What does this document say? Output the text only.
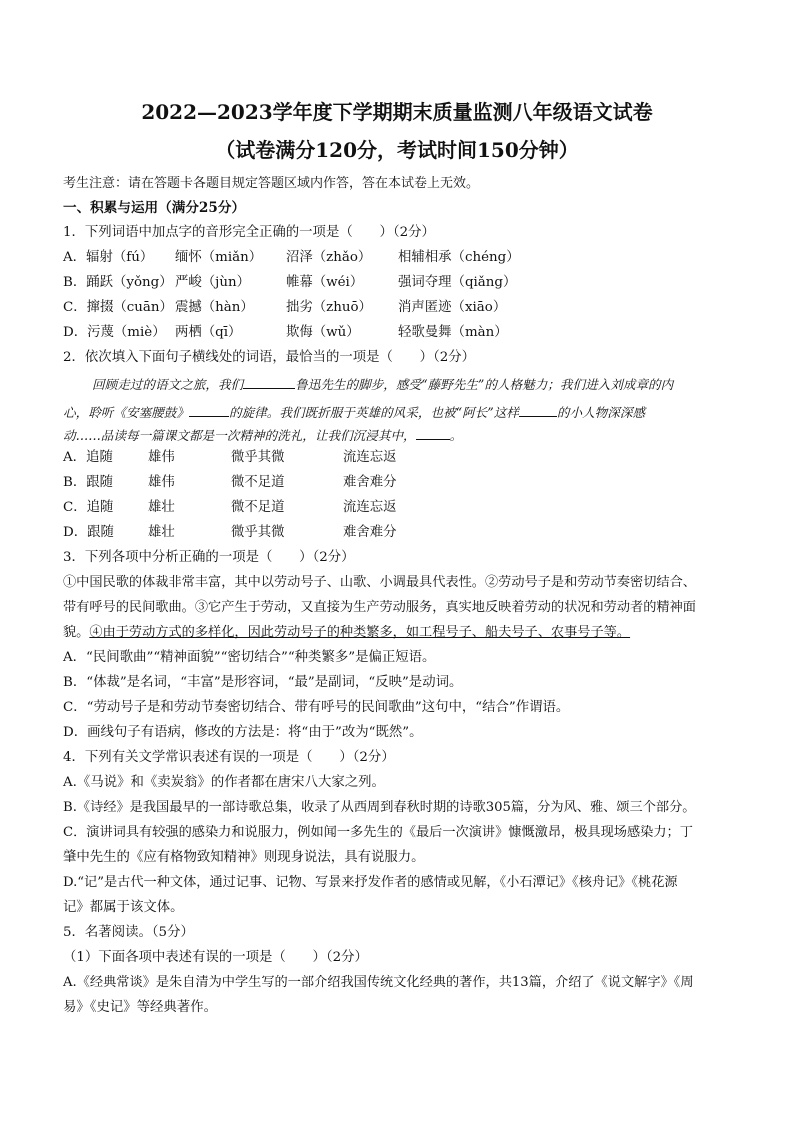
2022—2023学年度下学期期末质量监测八年级语文试卷
（试卷满分120分，考试时间150分钟）
考生注意：请在答题卡各题目规定答题区域内作答，答在本试卷上无效。
一、积累与运用（满分25分）
1．下列词语中加点字的音形完全正确的一项是（　　）（2分）
A．辐射（fú） 缅怀（miǎn） 沼泽（zhǎo） 相辅相承（chéng）
B．踊跃（yǒng） 严峻（jùn）	帷幕（wéi）	强词夺理（qiǎng）
C．撺掇（cuān） 震撼（hàn） 拙劣（zhuō） 消声匿迹（xiāo）
D．污蔑（miè） 两栖（qī）	欺侮（wǔ）	轻歌曼舞（màn）
2．依次填入下面句子横线处的词语，最恰当的一项是（　　）（2分）
回顾走过的语文之旅，我们	鲁迅先生的脚步，感受“藤野先生”的人格魅力；我们进入刘成章的内
心，聆听《安塞腰鼓》	的旋律。我们既折服于英雄的风采，也被“阿长”这样	的小人物深深感
动……品读每一篇课文都是一次精神的洗礼，让我们沉浸其中，	。
A．追随	雄伟	微乎其微	流连忘返
B．跟随	雄伟	微不足道	难舍难分
C．追随	雄壮	微不足道	流连忘返
D．跟随	雄壮	微乎其微	难舍难分
3．下列各项中分析正确的一项是（　　）（2分）
①中国民歌的体裁非常丰富，其中以劳动号子、山歌、小调最具代表性。②劳动号子是和劳动节奏密切结合、
带有呼号的民间歌曲。③它产生于劳动，又直接为生产劳动服务，真实地反映着劳动的状况和劳动者的精神面
貌。④由于劳动方式的多样化，因此劳动号子的种类繁多，如工程号子、船夫号子、农事号子等。
A．“民间歌曲”“精神面貌”“密切结合”“种类繁多”是偏正短语。
B．“体裁”是名词，“丰富”是形容词，“最”是副词，“反映”是动词。
C．“劳动号子是和劳动节奏密切结合、带有呼号的民间歌曲”这句中，“结合”作谓语。
D．画线句子有语病，修改的方法是：将“由于”改为“既然”。
4．下列有关文学常识表述有误的一项是（　　）（2分）
A.《马说》和《卖炭翁》的作者都在唐宋八大家之列。
B.《诗经》是我国最早的一部诗歌总集，收录了从西周到春秋时期的诗歌305篇，分为风、雅、颂三个部分。
C．演讲词具有较强的感染力和说服力，例如闻一多先生的《最后一次演讲》慷慨激昂，极具现场感染力；丁
肇中先生的《应有格物致知精神》则现身说法，具有说服力。
D.“记”是古代一种文体，通过记事、记物、写景来抒发作者的感情或见解，《小石潭记》《核舟记》《桃花源
记》都属于该文体。
5．名著阅读。（5分）
（1）下面各项中表述有误的一项是（　　）（2分）
A.《经典常谈》是朱自清为中学生写的一部介绍我国传统文化经典的著作，共13篇，介绍了《说文解字》《周
易》《史记》等经典著作。
